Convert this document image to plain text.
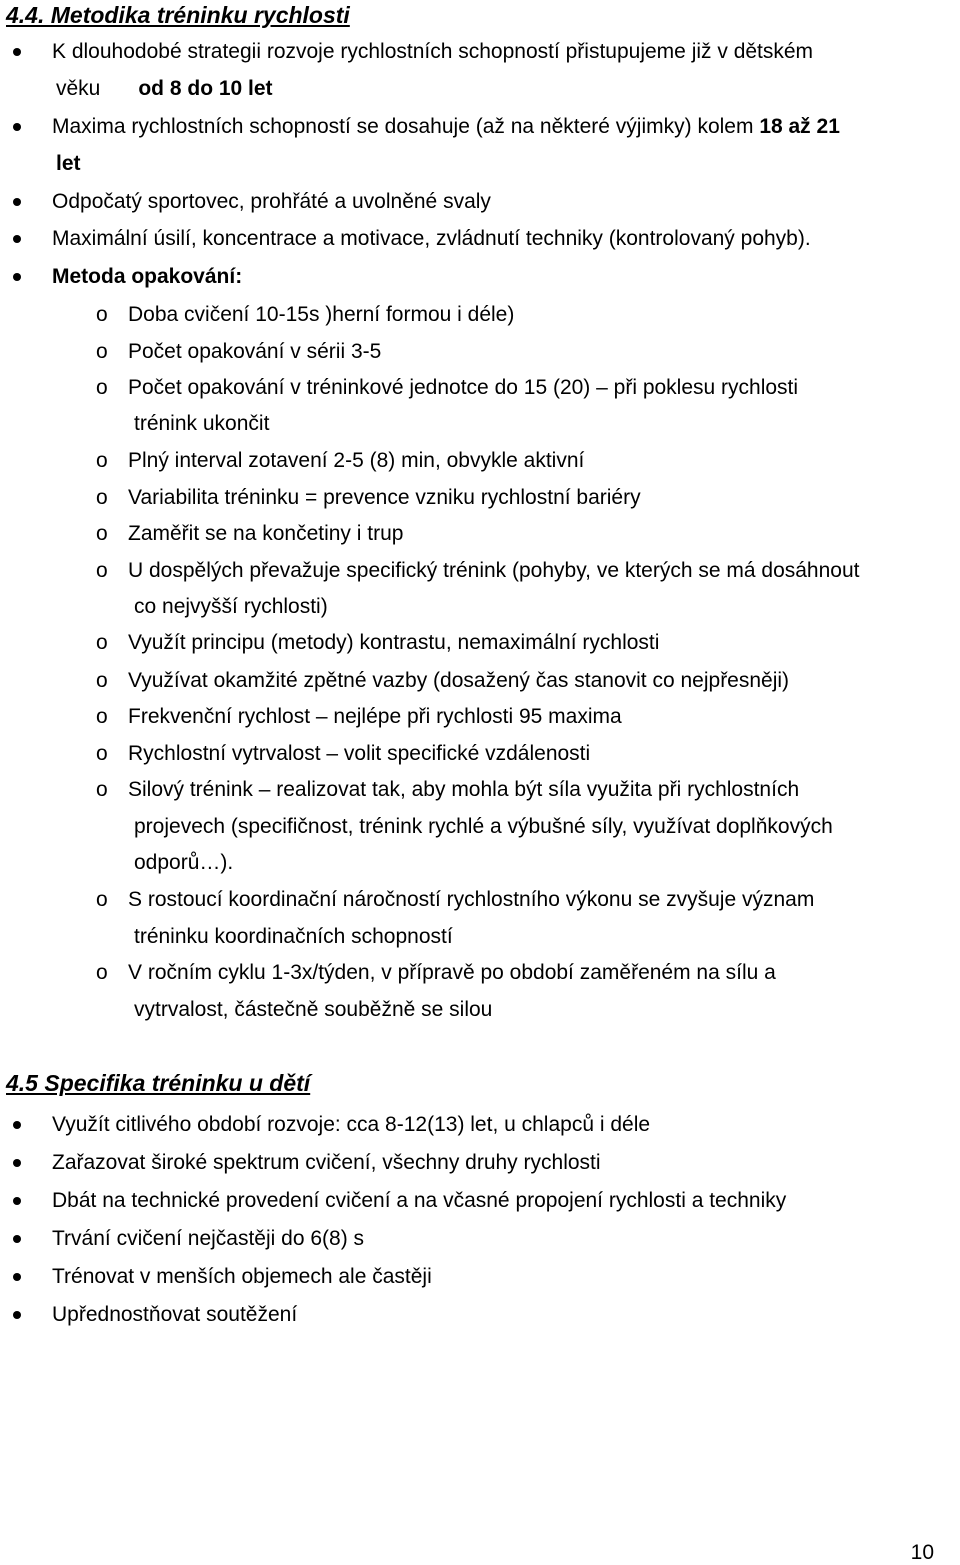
4.4. Metodika tréninku rychlosti
K dlouhodobé strategii rozvoje rychlostních schopností přistupujeme již v dětském
věku od 8 do 10 let
Maxima rychlostních schopností se dosahuje (až na některé výjimky) kolem 18 až 21
let
Odpočatý sportovec, prohřáté a uvolněné svaly
Maximální úsilí, koncentrace a motivace, zvládnutí techniky (kontrolovaný pohyb).
Metoda opakování:
o Doba cvičení 10-15s )herní formou i déle)
o Počet opakování v sérii 3-5
o Počet opakování v tréninkové jednotce do 15 (20) – při poklesu rychlosti
trénink ukončit
o Plný interval zotavení 2-5 (8) min, obvykle aktivní
o Variabilita tréninku = prevence vzniku rychlostní bariéry
o Zaměřit se na končetiny i trup
o U dospělých převažuje specifický trénink (pohyby, ve kterých se má dosáhnout
co nejvyšší rychlosti)
o Využít principu (metody) kontrastu, nemaximální rychlosti
o Využívat okamžité zpětné vazby (dosažený čas stanovit co nejpřesněji)
o Frekvenční rychlost – nejlépe při rychlosti 95 maxima
o Rychlostní vytrvalost – volit specifické vzdálenosti
o Silový trénink – realizovat tak, aby mohla být síla využita při rychlostních
projevech (specifičnost, trénink rychlé a výbušné síly, využívat doplňkových
odporů…).
o S rostoucí koordinační náročností rychlostního výkonu se zvyšuje význam
tréninku koordinačních schopností
o V ročním cyklu 1-3x/týden, v přípravě po období zaměřeném na sílu a
vytrvalost, částečně souběžně se silou
4.5 Specifika tréninku u dětí
Využít citlivého období rozvoje: cca 8-12(13) let, u chlapců i déle
Zařazovat široké spektrum cvičení, všechny druhy rychlosti
Dbát na technické provedení cvičení a na včasné propojení rychlosti a techniky
Trvání cvičení nejčastěji do 6(8) s
Trénovat v menších objemech ale častěji
Upřednostňovat soutěžení
10
